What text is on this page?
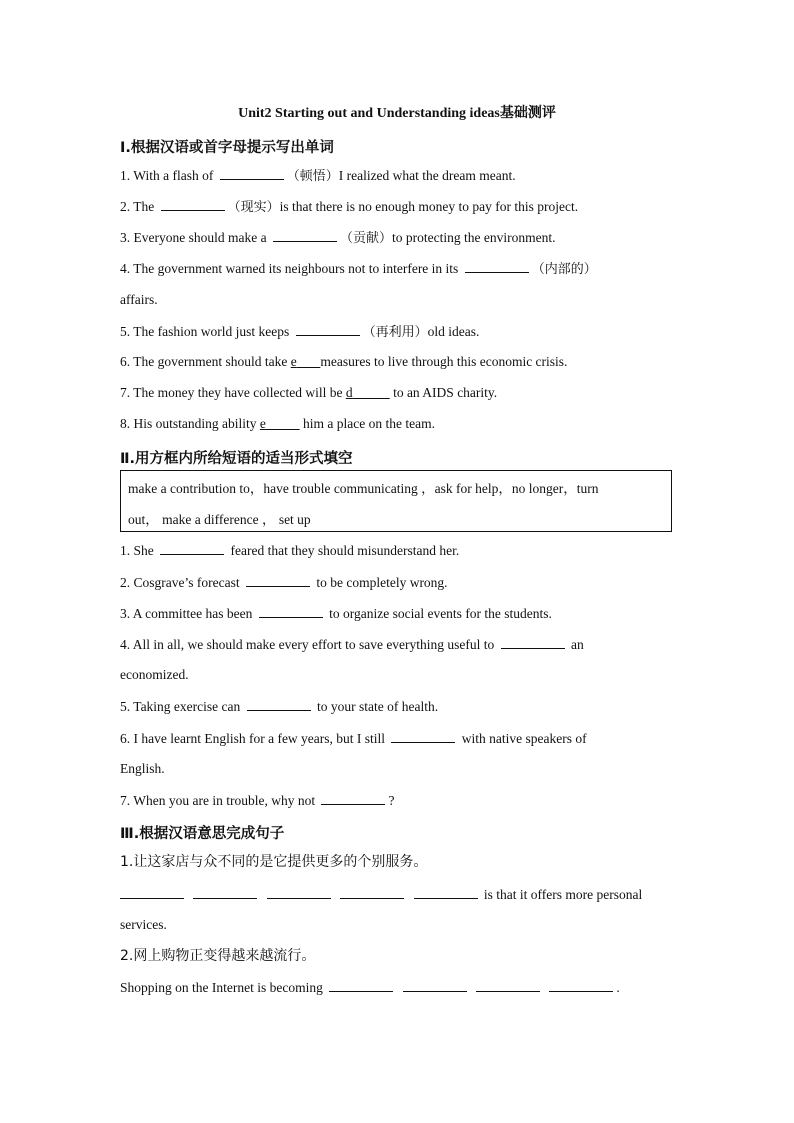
Unit2 Starting out and Understanding ideas基础测评
I.根据汉语或首字母提示写出单词
1. With a flash of	（顿悟）I realized what the dream meant.
2. The	（现实）is that there is no enough money to pay for this project.
3. Everyone should make a	（贡献）to protecting the environment.
4. The government warned its neighbours not to interfere in its	（内部的）
affairs.
5. The fashion world just keeps	（再利用）old ideas.
6. The government should take e measures to live through this economic crisis.
7. The money they have collected will be d	to an AIDS charity.
8. His outstanding ability e	him a place on the team.
Ⅱ.用方框内所给短语的适当形式填空
make a contribution to，have trouble communicating ，ask for help，no longer，turn
out， make a difference ， set up
1. She	feared that they should misunderstand her.
2. Cosgrave’s forecast	to be completely wrong.
3. A committee has been	to organize social events for the students.
4. All in all, we should make every effort to save everything useful to	an
economized.
5. Taking exercise can	to your state of health.
6. I have learnt English for a few years, but I still	with native speakers of
English.
7. When you are in trouble, why not	?
Ⅲ.根据汉语意思完成句子
1.让这家店与众不同的是它提供更多的个别服务。
is that it offers more personal
services.
2.网上购物正变得越来越流行。
Shopping on the Internet is becoming	.
